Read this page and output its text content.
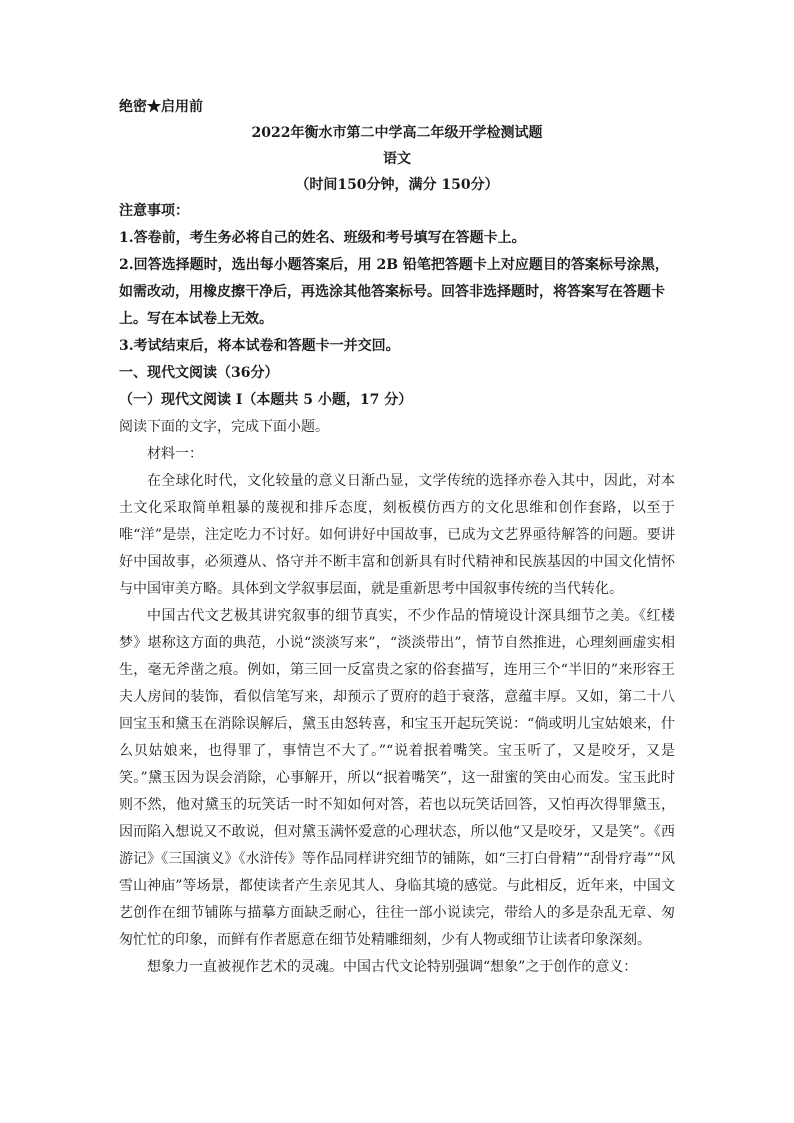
绝密★启用前

2022年衡水市第二中学高二年级开学检测试题

语文

（时间150分钟，满分 150分）

注意事项：

1.答卷前，考生务必将自己的姓名、班级和考号填写在答题卡上。

2.回答选择题时，选出每小题答案后，用 2B 铅笔把答题卡上对应题目的答案标号涂黑，

如需改动，用橡皮擦干净后，再选涂其他答案标号。回答非选择题时，将答案写在答题卡

上。写在本试卷上无效。

3.考试结束后，将本试卷和答题卡一并交回。

一、现代文阅读（36分）

（一）现代文阅读 Ⅰ（本题共 5 小题，17 分）

阅读下面的文字，完成下面小题。

材料一：

在全球化时代，文化较量的意义日渐凸显，文学传统的选择亦卷入其中，因此，对本土文化采取简单粗暴的蔑视和排斥态度，刻板模仿西方的文化思维和创作套路，以至于唯“洋”是崇，注定吃力不讨好。如何讲好中国故事，已成为文艺界亟待解答的问题。要讲好中国故事，必须遵从、恪守并不断丰富和创新具有时代精神和民族基因的中国文化情怀与中国审美方略。具体到文学叙事层面，就是重新思考中国叙事传统的当代转化。

中国古代文艺极其讲究叙事的细节真实，不少作品的情境设计深具细节之美。《红楼梦》堪称这方面的典范，小说“淡淡写来”，“淡淡带出”，情节自然推进，心理刻画虚实相生，毫无斧凿之痕。例如，第三回一反富贵之家的俗套描写，连用三个“半旧的”来形容王夫人房间的装饰，看似信笔写来，却预示了贾府的趋于衰落，意蕴丰厚。又如，第二十八回宝玉和黛玉在消除误解后，黛玉由怒转喜，和宝玉开起玩笑说：“倘或明儿宝姑娘来，什么贝姑娘来，也得罪了，事情岂不大了。”“说着抿着嘴笑。宝玉听了，又是咬牙，又是笑。”黛玉因为误会消除，心事解开，所以“抿着嘴笑”，这一甜蜜的笑由心而发。宝玉此时则不然，他对黛玉的玩笑话一时不知如何对答，若也以玩笑话回答，又怕再次得罪黛玉，因而陷入想说又不敢说，但对黛玉满怀爱意的心理状态，所以他“又是咬牙，又是笑”。《西游记》《三国演义》《水浒传》等作品同样讲究细节的铺陈，如“三打白骨精”“刮骨疗毒”“风雪山神庙”等场景，都使读者产生亲见其人、身临其境的感觉。与此相反，近年来，中国文艺创作在细节铺陈与描摹方面缺乏耐心，往往一部小说读完，带给人的多是杂乱无章、匆匆忙忙的印象，而鲜有作者愿意在细节处精雕细刻，少有人物或细节让读者印象深刻。

想象力一直被视作艺术的灵魂。中国古代文论特别强调“想象”之于创作的意义：
